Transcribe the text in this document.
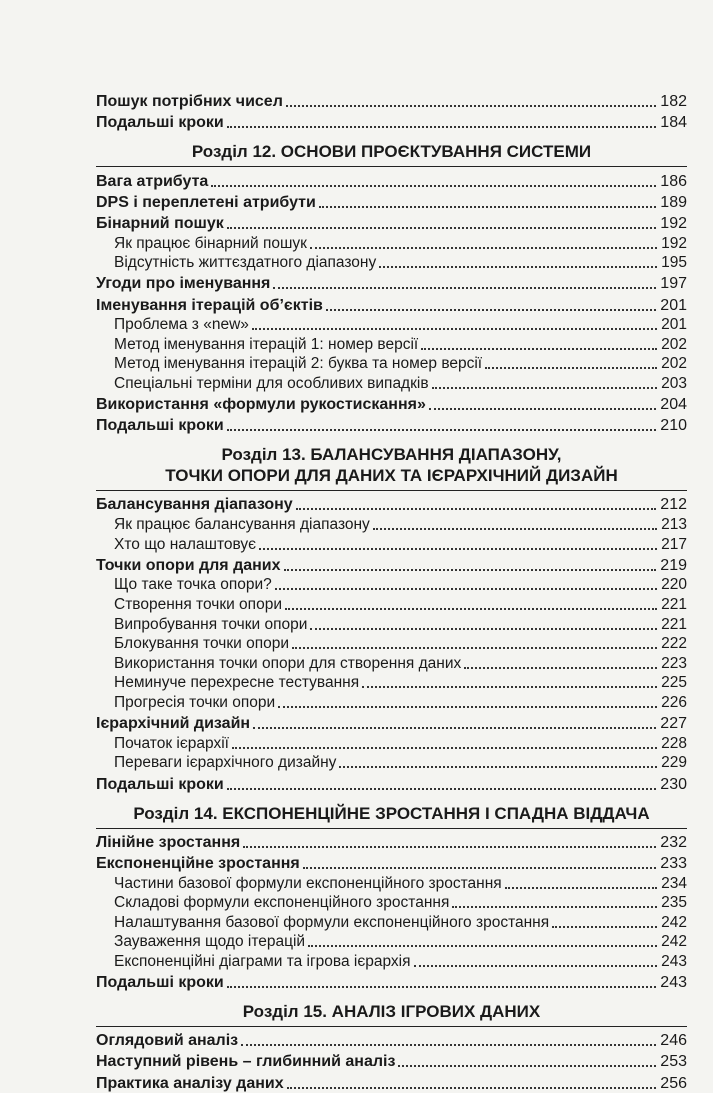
Пошук потрібних чисел	182
Подальші кроки	184
Розділ 12. ОСНОВИ ПРОЄКТУВАННЯ СИСТЕМИ
Вага атрибута	186
DPS і переплетені атрибути	189
Бінарний пошук	192
Як працює бінарний пошук	192
Відсутність життєздатного діапазону	195
Угоди про іменування	197
Іменування ітерацій об’єктів	201
Проблема з «new»	201
Метод іменування ітерацій 1: номер версії	202
Метод іменування ітерацій 2: буква та номер версії	202
Спеціальні терміни для особливих випадків	203
Використання «формули рукостискання»	204
Подальші кроки	210
Розділ 13. БАЛАНСУВАННЯ ДІАПАЗОНУ,
ТОЧКИ ОПОРИ ДЛЯ ДАНИХ ТА ІЄРАРХІЧНИЙ ДИЗАЙН
Балансування діапазону	212
Як працює балансування діапазону	213
Хто що налаштовує	217
Точки опори для даних	219
Що таке точка опори?	220
Створення точки опори	221
Випробування точки опори	221
Блокування точки опори	222
Використання точки опори для створення даних	223
Неминуче перехресне тестування	225
Прогресія точки опори	226
Ієрархічний дизайн	227
Початок ієрархії	228
Переваги ієрархічного дизайну	229
Подальші кроки	230
Розділ 14. ЕКСПОНЕНЦІЙНЕ ЗРОСТАННЯ І СПАДНА ВІДДАЧА
Лінійне зростання	232
Експоненційне зростання	233
Частини базової формули експоненційного зростання	234
Складові формули експоненційного зростання	235
Налаштування базової формули експоненційного зростання	242
Зауваження щодо ітерацій	242
Експоненційні діаграми та ігрова ієрархія	243
Подальші кроки	243
Розділ 15. АНАЛІЗ ІГРОВИХ ДАНИХ
Оглядовий аналіз	246
Наступний рівень – глибинний аналіз	253
Практика аналізу даних	256
